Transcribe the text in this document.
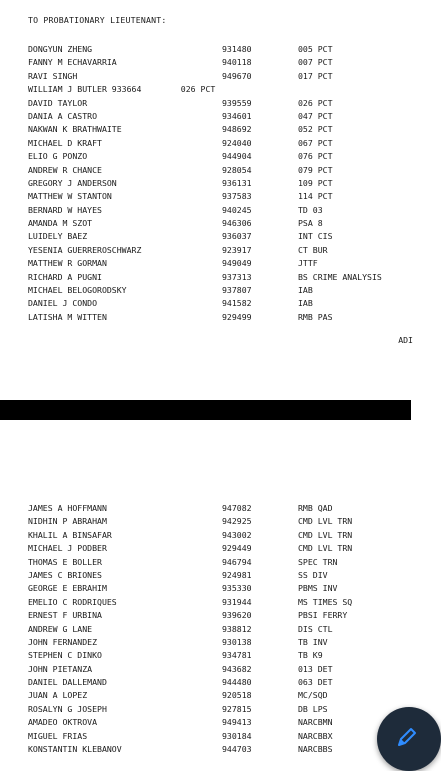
TO PROBATIONARY LIEUTENANT:
DONGYUN ZHENG	931480	005 PCT
FANNY M ECHAVARRIA	940118	007 PCT
RAVI SINGH	949670	017 PCT
WILLIAM J BUTLER 933664        026 PCT
DAVID TAYLOR	939559	026 PCT
DANIA A CASTRO	934601	047 PCT
NAKWAN K BRATHWAITE	948692	052 PCT
MICHAEL D KRAFT	924040	067 PCT
ELIO G PONZO	944904	076 PCT
ANDREW R CHANCE	928054	079 PCT
GREGORY J ANDERSON	936131	109 PCT
MATTHEW W STANTON	937583	114 PCT
BERNARD W HAYES	940245	TD 03
AMANDA M SZOT	946306	PSA 8
LUIDELY BAEZ	936037	INT CIS
YESENIA GUERREROSCHWARZ	923917	CT BUR
MATTHEW R GORMAN	949049	JTTF
RICHARD A PUGNI	937313	BS CRIME ANALYSIS
MICHAEL BELOGORODSKY	937807	IAB
DANIEL J CONDO	941582	IAB
LATISHA M WITTEN	929499	RMB PAS
ADI
JAMES A HOFFMANN	947082	RMB QAD
NIDHIN P ABRAHAM	942925	CMD LVL TRN
KHALIL A BINSAFAR	943002	CMD LVL TRN
MICHAEL J PODBER	929449	CMD LVL TRN
THOMAS E BOLLER	946794	SPEC TRN
JAMES C BRIONES	924981	SS DIV
GEORGE E EBRAHIM	935330	PBMS INV
EMELIO C RODRIQUES	931944	MS TIMES SQ
ERNEST F URBINA	939620	PBSI FERRY
ANDREW G LANE	938812	DIS CTL
JOHN FERNANDEZ	930138	TB INV
STEPHEN C DINKO	934781	TB K9
JOHN PIETANZA	943682	013 DET
DANIEL DALLEMAND	944480	063 DET
JUAN A LOPEZ	920518	MC/SQD
ROSALYN G JOSEPH	927815	DB LPS
AMADEO OKTROVA	949413	NARCBMN
MIGUEL FRIAS	930184	NARCBBX
KONSTANTIN KLEBANOV	944703	NARCBBS
